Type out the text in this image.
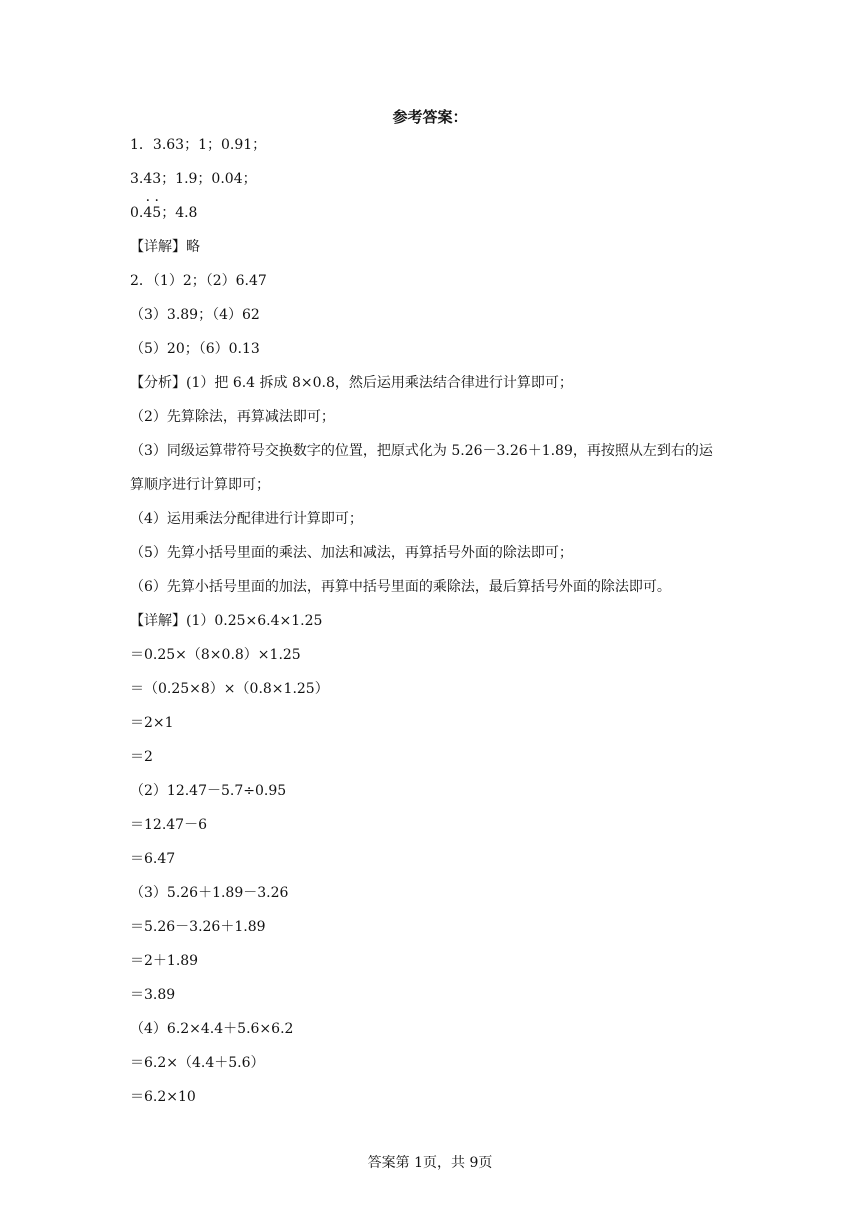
参考答案：
1．3.63；1；0.91；
3.43；1.9；0.04；
0.· 4· 5；4.8
【详解】略
2．（1）2；（2）6.47
（3）3.89；（4）62
（5）20；（6）0.13
【分析】(1）把 6.4 拆成 8×0.8，然后运用乘法结合律进行计算即可；
（2）先算除法，再算减法即可；
（3）同级运算带符号交换数字的位置，把原式化为 5.26－3.26＋1.89，再按照从左到右的运
算顺序进行计算即可；
（4）运用乘法分配律进行计算即可；
（5）先算小括号里面的乘法、加法和减法，再算括号外面的除法即可；
（6）先算小括号里面的加法，再算中括号里面的乘除法，最后算括号外面的除法即可。
【详解】(1）0.25×6.4×1.25
＝0.25×（8×0.8）×1.25
＝（0.25×8）×（0.8×1.25）
＝2×1
＝2
（2）12.47－5.7÷0.95
＝12.47－6
＝6.47
（3）5.26＋1.89－3.26
＝5.26－3.26＋1.89
＝2＋1.89
＝3.89
（4）6.2×4.4＋5.6×6.2
＝6.2×（4.4＋5.6）
＝6.2×10
答案第 1页，共 9页
